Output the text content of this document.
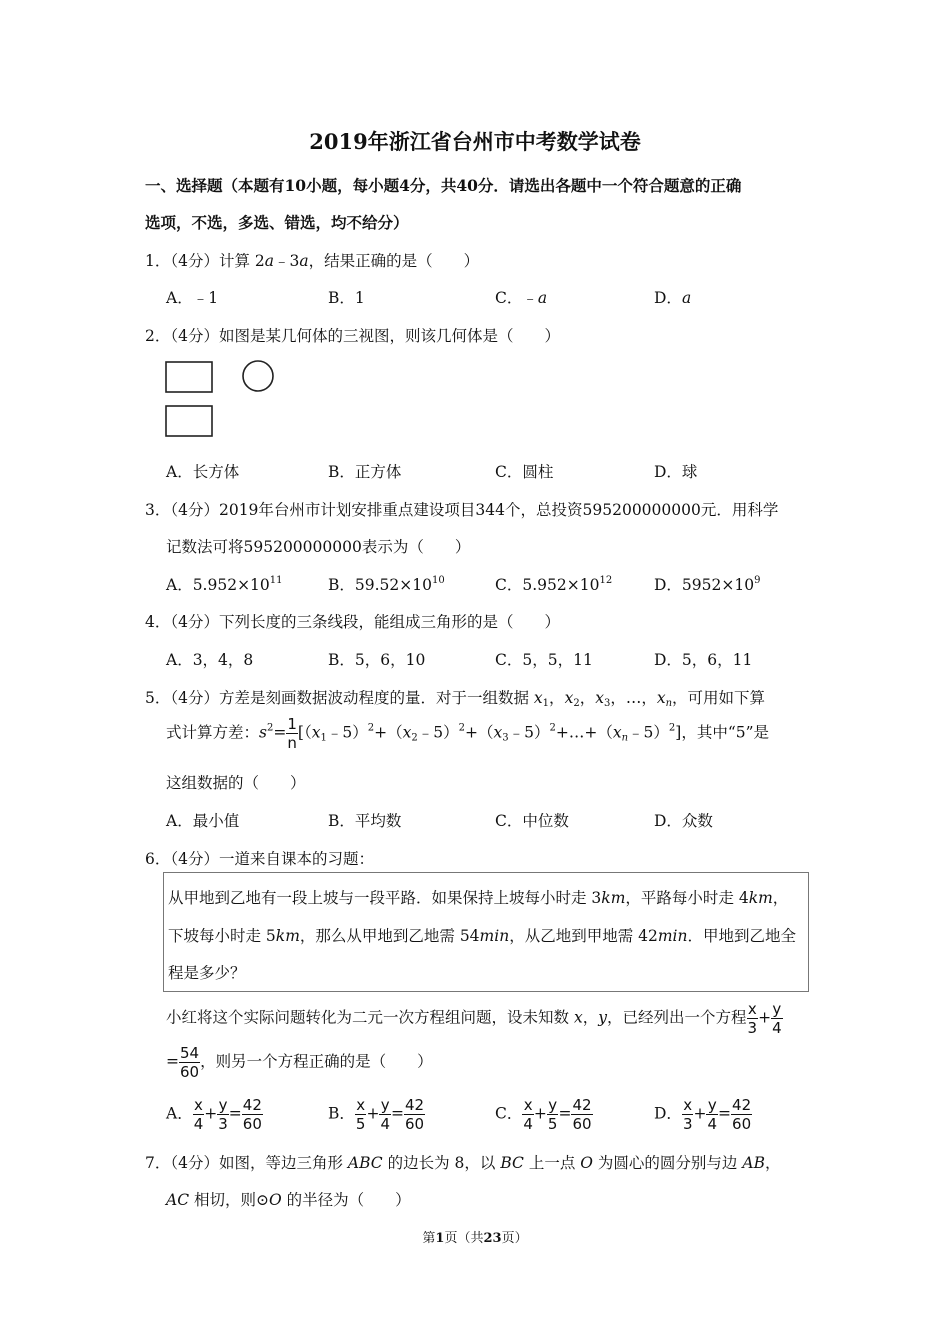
2019年浙江省台州市中考数学试卷
一、选择题（本题有10小题，每小题4分，共40分．请选出各题中一个符合题意的正确
选项，不选，多选、错选，均不给分）
1．（4分）计算 2a﹣3a，结果正确的是（　　）
A．﹣1	B．1	C．﹣a	D．a
2．（4分）如图是某几何体的三视图，则该几何体是（　　）
A．长方体	B．正方体	C．圆柱	D．球
3．（4分）2019年台州市计划安排重点建设项目344个，总投资595200000000元．用科学
记数法可将595200000000表示为（　　）
A．$5.952\times 10^{11}$	B．$59.52\times 10^{10}$	C．$5.952\times 10^{12}$	D．$5952\times 10^9$
4．（4分）下列长度的三条线段，能组成三角形的是（　　）
A．3，4，8	B．5，6，10	C．5，5，11	D．5，6，11
5．（4分）方差是刻画数据波动程度的量．对于一组数据 $x_1$，$x_2$，$x_3$，…，$x_n$，可用如下算
式计算方差：$s^2= \frac{1}{n}$ $[(x_1﹣5)^2+(x_2﹣5)^2+(x_3﹣5)^2+\dots+(x_n﹣5)^2]$，其中“5”是
这组数据的（　　）
A．最小值	B．平均数	C．中位数	D．众数
6．（4分）一道来自课本的习题：
从甲地到乙地有一段上坡与一段平路．如果保持上坡每小时走 3km，平路每小时走 4km，
下坡每小时走 5km，那么从甲地到乙地需 54min，从乙地到甲地需 42min．甲地到乙地全
程是多少？
小红将这个实际问题转化为二元一次方程组问题，设未知数 x，y，已经列出一个方程 $\frac{x}{3} + \frac{y}{4}$
= $\frac{54}{60}$ ，则另一个方程正确的是（　　）
A． $\frac{x}{4} + \frac{y}{3} = \frac{42}{60}$	B． $\frac{x}{5} + \frac{y}{4} = \frac{42}{60}$	C． $\frac{x}{4} + \frac{y}{5} = \frac{42}{60}$	D． $\frac{x}{3} + \frac{y}{4} = \frac{42}{60}$
7．（4分）如图，等边三角形 ABC 的边长为 8，以 BC 上一点 O 为圆心的圆分别与边 AB，
AC 相切，则⊙O 的半径为（　　）
第1页（共23页）
